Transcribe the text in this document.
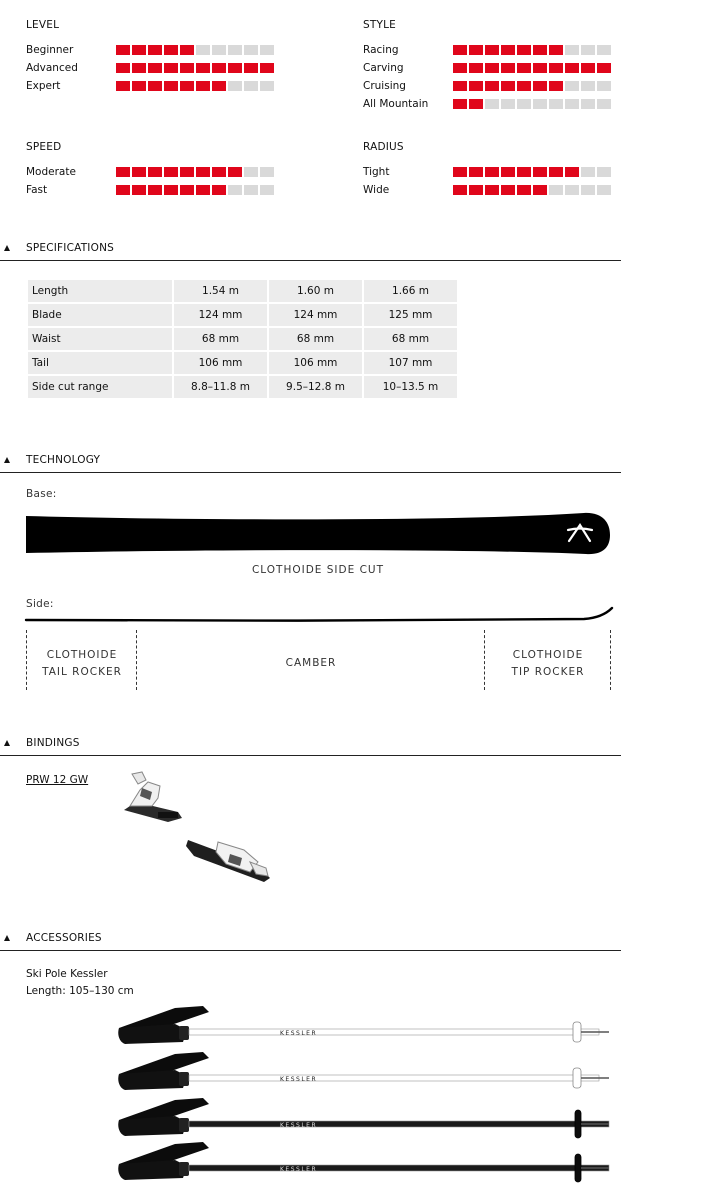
LEVEL
Beginner
Advanced
Expert
STYLE
Racing
Carving
Cruising
All Mountain
SPEED
Moderate
Fast
RADIUS
Tight
Wide
SPECIFICATIONS
Length	1.54 m	1.60 m	1.66 m
Blade	124 mm	124 mm	125 mm
Waist	68 mm	68 mm	68 mm
Tail	106 mm	106 mm	107 mm
Side cut range	8.8–11.8 m	9.5–12.8 m	10–13.5 m
TECHNOLOGY
Base:
CLOTHOIDE SIDE CUT
Side:
CLOTHOIDE
TAIL ROCKER
CAMBER
CLOTHOIDE
TIP ROCKER
BINDINGS
PRW 12 GW
ACCESSORIES
Ski Pole Kessler
Length: 105–130 cm
KESSLER
KESSLER
KESSLER
KESSLER
